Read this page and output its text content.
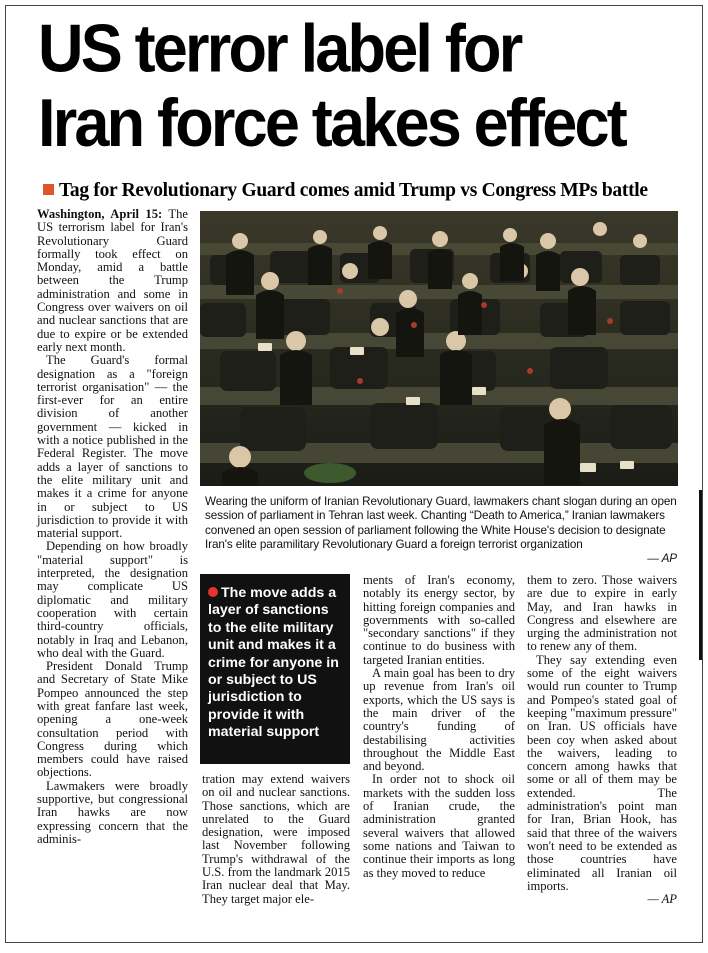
US terror label for
Iran force takes effect
Tag for Revolutionary Guard comes amid Trump vs Congress MPs battle

Washington, April 15: The US terrorism label for Iran's Revolutionary Guard formally took effect on Monday, amid a battle between the Trump administration and some in Congress over waivers on oil and nuclear sanctions that are due to expire or be extended early next month.

The Guard's formal designation as a "foreign terrorist organisation" — the first-ever for an entire division of another government — kicked in with a notice published in the Federal Register. The move adds a layer of sanctions to the elite military unit and makes it a crime for anyone in or subject to US jurisdiction to provide it with material support.

Depending on how broadly "material support" is interpreted, the designation may complicate US diplomatic and military cooperation with certain third-country officials, notably in Iraq and Lebanon, who deal with the Guard.

President Donald Trump and Secretary of State Mike Pompeo announced the step with great fanfare last week, opening a one-week consultation period with Congress during which members could have raised objections.

Lawmakers were broadly supportive, but congressional Iran hawks are now expressing concern that the adminis-

Wearing the uniform of Iranian Revolutionary Guard, lawmakers chant slogan during an open session of parliament in Tehran last week. Chanting “Death to America,” Iranian lawmakers convened an open session of parliament following the White House's decision to designate Iran's elite paramilitary Revolutionary Guard a foreign terrorist organization
— AP

The move adds a layer of sanctions to the elite military unit and makes it a crime for anyone in or subject to US jurisdiction to provide it with material support

tration may extend waivers on oil and nuclear sanctions. Those sanctions, which are unrelated to the Guard designation, were imposed last November following Trump's withdrawal of the U.S. from the landmark 2015 Iran nuclear deal that May. They target major ele-

ments of Iran's economy, notably its energy sector, by hitting foreign companies and governments with so-called "secondary sanctions" if they continue to do business with targeted Iranian entities.

A main goal has been to dry up revenue from Iran's oil exports, which the US says is the main driver of the country's funding of destabilising activities throughout the Middle East and beyond.

In order not to shock oil markets with the sudden loss of Iranian crude, the administration granted several waivers that allowed some nations and Taiwan to continue their imports as long as they moved to reduce

them to zero. Those waivers are due to expire in early May, and Iran hawks in Congress and elsewhere are urging the administration not to renew any of them.

They say extending even some of the eight waivers would run counter to Trump and Pompeo's stated goal of keeping "maximum pressure" on Iran. US officials have been coy when asked about the waivers, leading to concern among hawks that some or all of them may be extended. The administration's point man for Iran, Brian Hook, has said that three of the waivers won't need to be extended as those countries have eliminated all Iranian oil imports.

— AP
